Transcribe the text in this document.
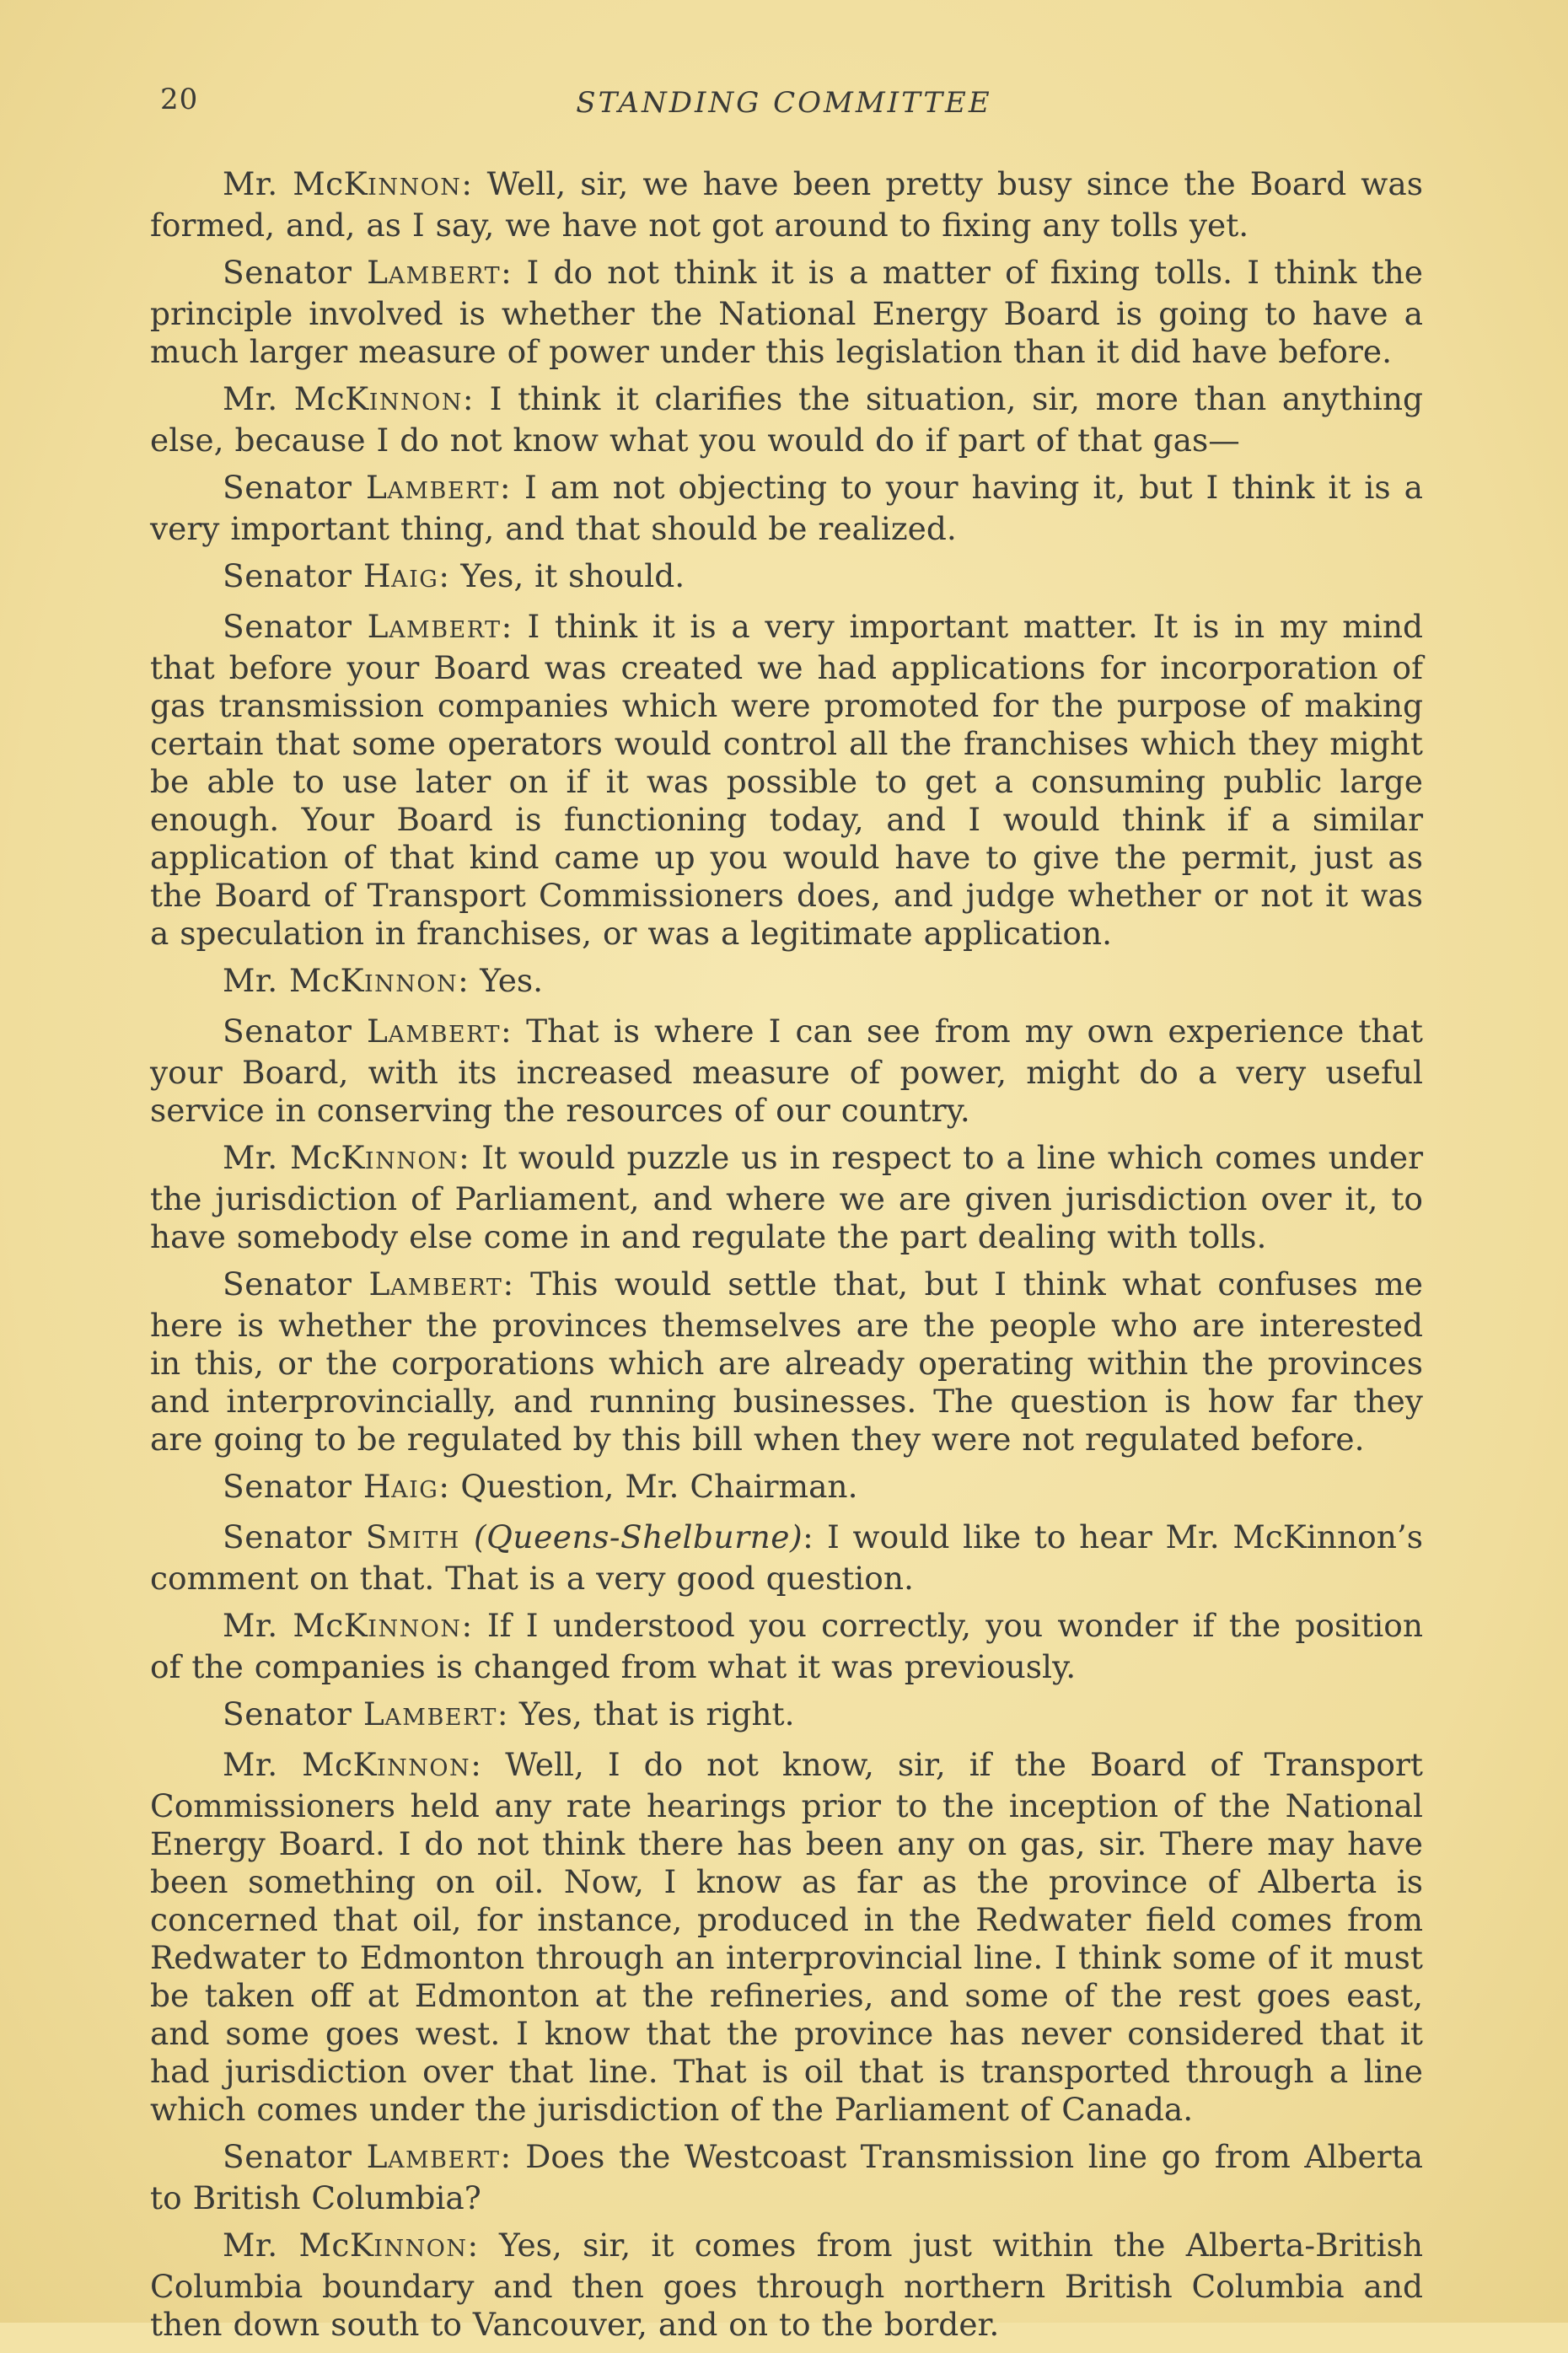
20	STANDING COMMITTEE

Mr. McKINNON: Well, sir, we have been pretty busy since the Board was formed, and, as I say, we have not got around to fixing any tolls yet.

Senator LAMBERT: I do not think it is a matter of fixing tolls. I think the principle involved is whether the National Energy Board is going to have a much larger measure of power under this legislation than it did have before.

Mr. McKINNON: I think it clarifies the situation, sir, more than anything else, because I do not know what you would do if part of that gas—

Senator LAMBERT: I am not objecting to your having it, but I think it is a very important thing, and that should be realized.

Senator HAIG: Yes, it should.

Senator LAMBERT: I think it is a very important matter. It is in my mind that before your Board was created we had applications for incorporation of gas transmission companies which were promoted for the purpose of making certain that some operators would control all the franchises which they might be able to use later on if it was possible to get a consuming public large enough. Your Board is functioning today, and I would think if a similar application of that kind came up you would have to give the permit, just as the Board of Transport Commissioners does, and judge whether or not it was a speculation in franchises, or was a legitimate application.

Mr. McKINNON: Yes.

Senator LAMBERT: That is where I can see from my own experience that your Board, with its increased measure of power, might do a very useful service in conserving the resources of our country.

Mr. McKINNON: It would puzzle us in respect to a line which comes under the jurisdiction of Parliament, and where we are given jurisdiction over it, to have somebody else come in and regulate the part dealing with tolls.

Senator LAMBERT: This would settle that, but I think what confuses me here is whether the provinces themselves are the people who are interested in this, or the corporations which are already operating within the provinces and interprovincially, and running businesses. The question is how far they are going to be regulated by this bill when they were not regulated before.

Senator HAIG: Question, Mr. Chairman.

Senator SMITH (Queens-Shelburne): I would like to hear Mr. McKinnon’s comment on that. That is a very good question.

Mr. McKINNON: If I understood you correctly, you wonder if the position of the companies is changed from what it was previously.

Senator LAMBERT: Yes, that is right.

Mr. McKINNON: Well, I do not know, sir, if the Board of Transport Commissioners held any rate hearings prior to the inception of the National Energy Board. I do not think there has been any on gas, sir. There may have been something on oil. Now, I know as far as the province of Alberta is concerned that oil, for instance, produced in the Redwater field comes from Redwater to Edmonton through an interprovincial line. I think some of it must be taken off at Edmonton at the refineries, and some of the rest goes east, and some goes west. I know that the province has never considered that it had jurisdiction over that line. That is oil that is transported through a line which comes under the jurisdiction of the Parliament of Canada.

Senator LAMBERT: Does the Westcoast Transmission line go from Alberta to British Columbia?

Mr. McKINNON: Yes, sir, it comes from just within the Alberta-British Columbia boundary and then goes through northern British Columbia and then down south to Vancouver, and on to the border.
